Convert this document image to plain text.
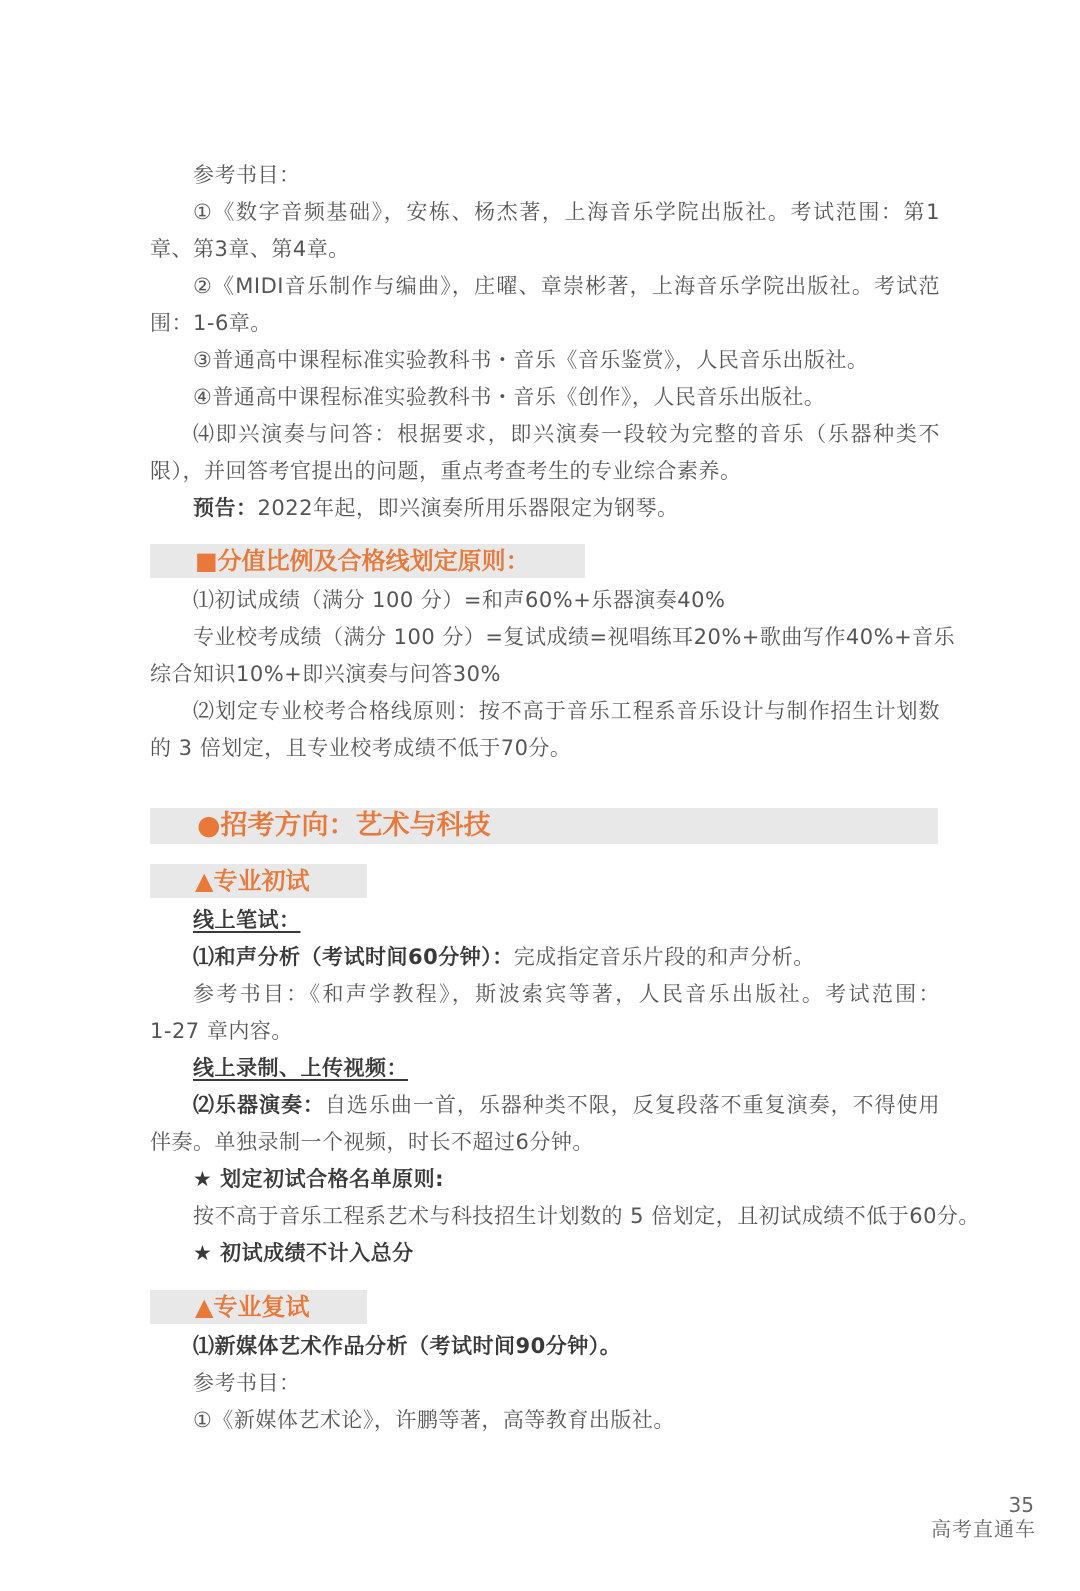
参考书目：
①《数字音频基础》，安栋、杨杰著，上海音乐学院出版社。考试范围：第1
章、第3章、第4章。
②《MIDI音乐制作与编曲》，庄曜、章崇彬著，上海音乐学院出版社。考试范
围：1-6章。
③普通高中课程标准实验教科书・音乐《音乐鉴赏》，人民音乐出版社。
④普通高中课程标准实验教科书・音乐《创作》，人民音乐出版社。
⑷即兴演奏与问答：根据要求，即兴演奏一段较为完整的音乐（乐器种类不
限），并回答考官提出的问题，重点考查考生的专业综合素养。
预告：2022年起，即兴演奏所用乐器限定为钢琴。
■分值比例及合格线划定原则：
⑴初试成绩（满分 100 分）=和声60%+乐器演奏40%
专业校考成绩（满分 100 分）=复试成绩=视唱练耳20%+歌曲写作40%+音乐
综合知识10%+即兴演奏与问答30%
⑵划定专业校考合格线原则：按不高于音乐工程系音乐设计与制作招生计划数
的 3 倍划定，且专业校考成绩不低于70分。
●招考方向：艺术与科技
▲专业初试
线上笔试：
⑴和声分析（考试时间60分钟）：完成指定音乐片段的和声分析。
参考书目：《和声学教程》，斯波索宾等著，人民音乐出版社。考试范围：
1-27 章内容。
线上录制、上传视频：
⑵乐器演奏：自选乐曲一首，乐器种类不限，反复段落不重复演奏，不得使用
伴奏。单独录制一个视频，时长不超过6分钟。
★ 划定初试合格名单原则:
按不高于音乐工程系艺术与科技招生计划数的 5 倍划定，且初试成绩不低于60分。
★ 初试成绩不计入总分
▲专业复试
⑴新媒体艺术作品分析（考试时间90分钟）。
参考书目：
①《新媒体艺术论》，许鹏等著，高等教育出版社。
35
高考直通车
